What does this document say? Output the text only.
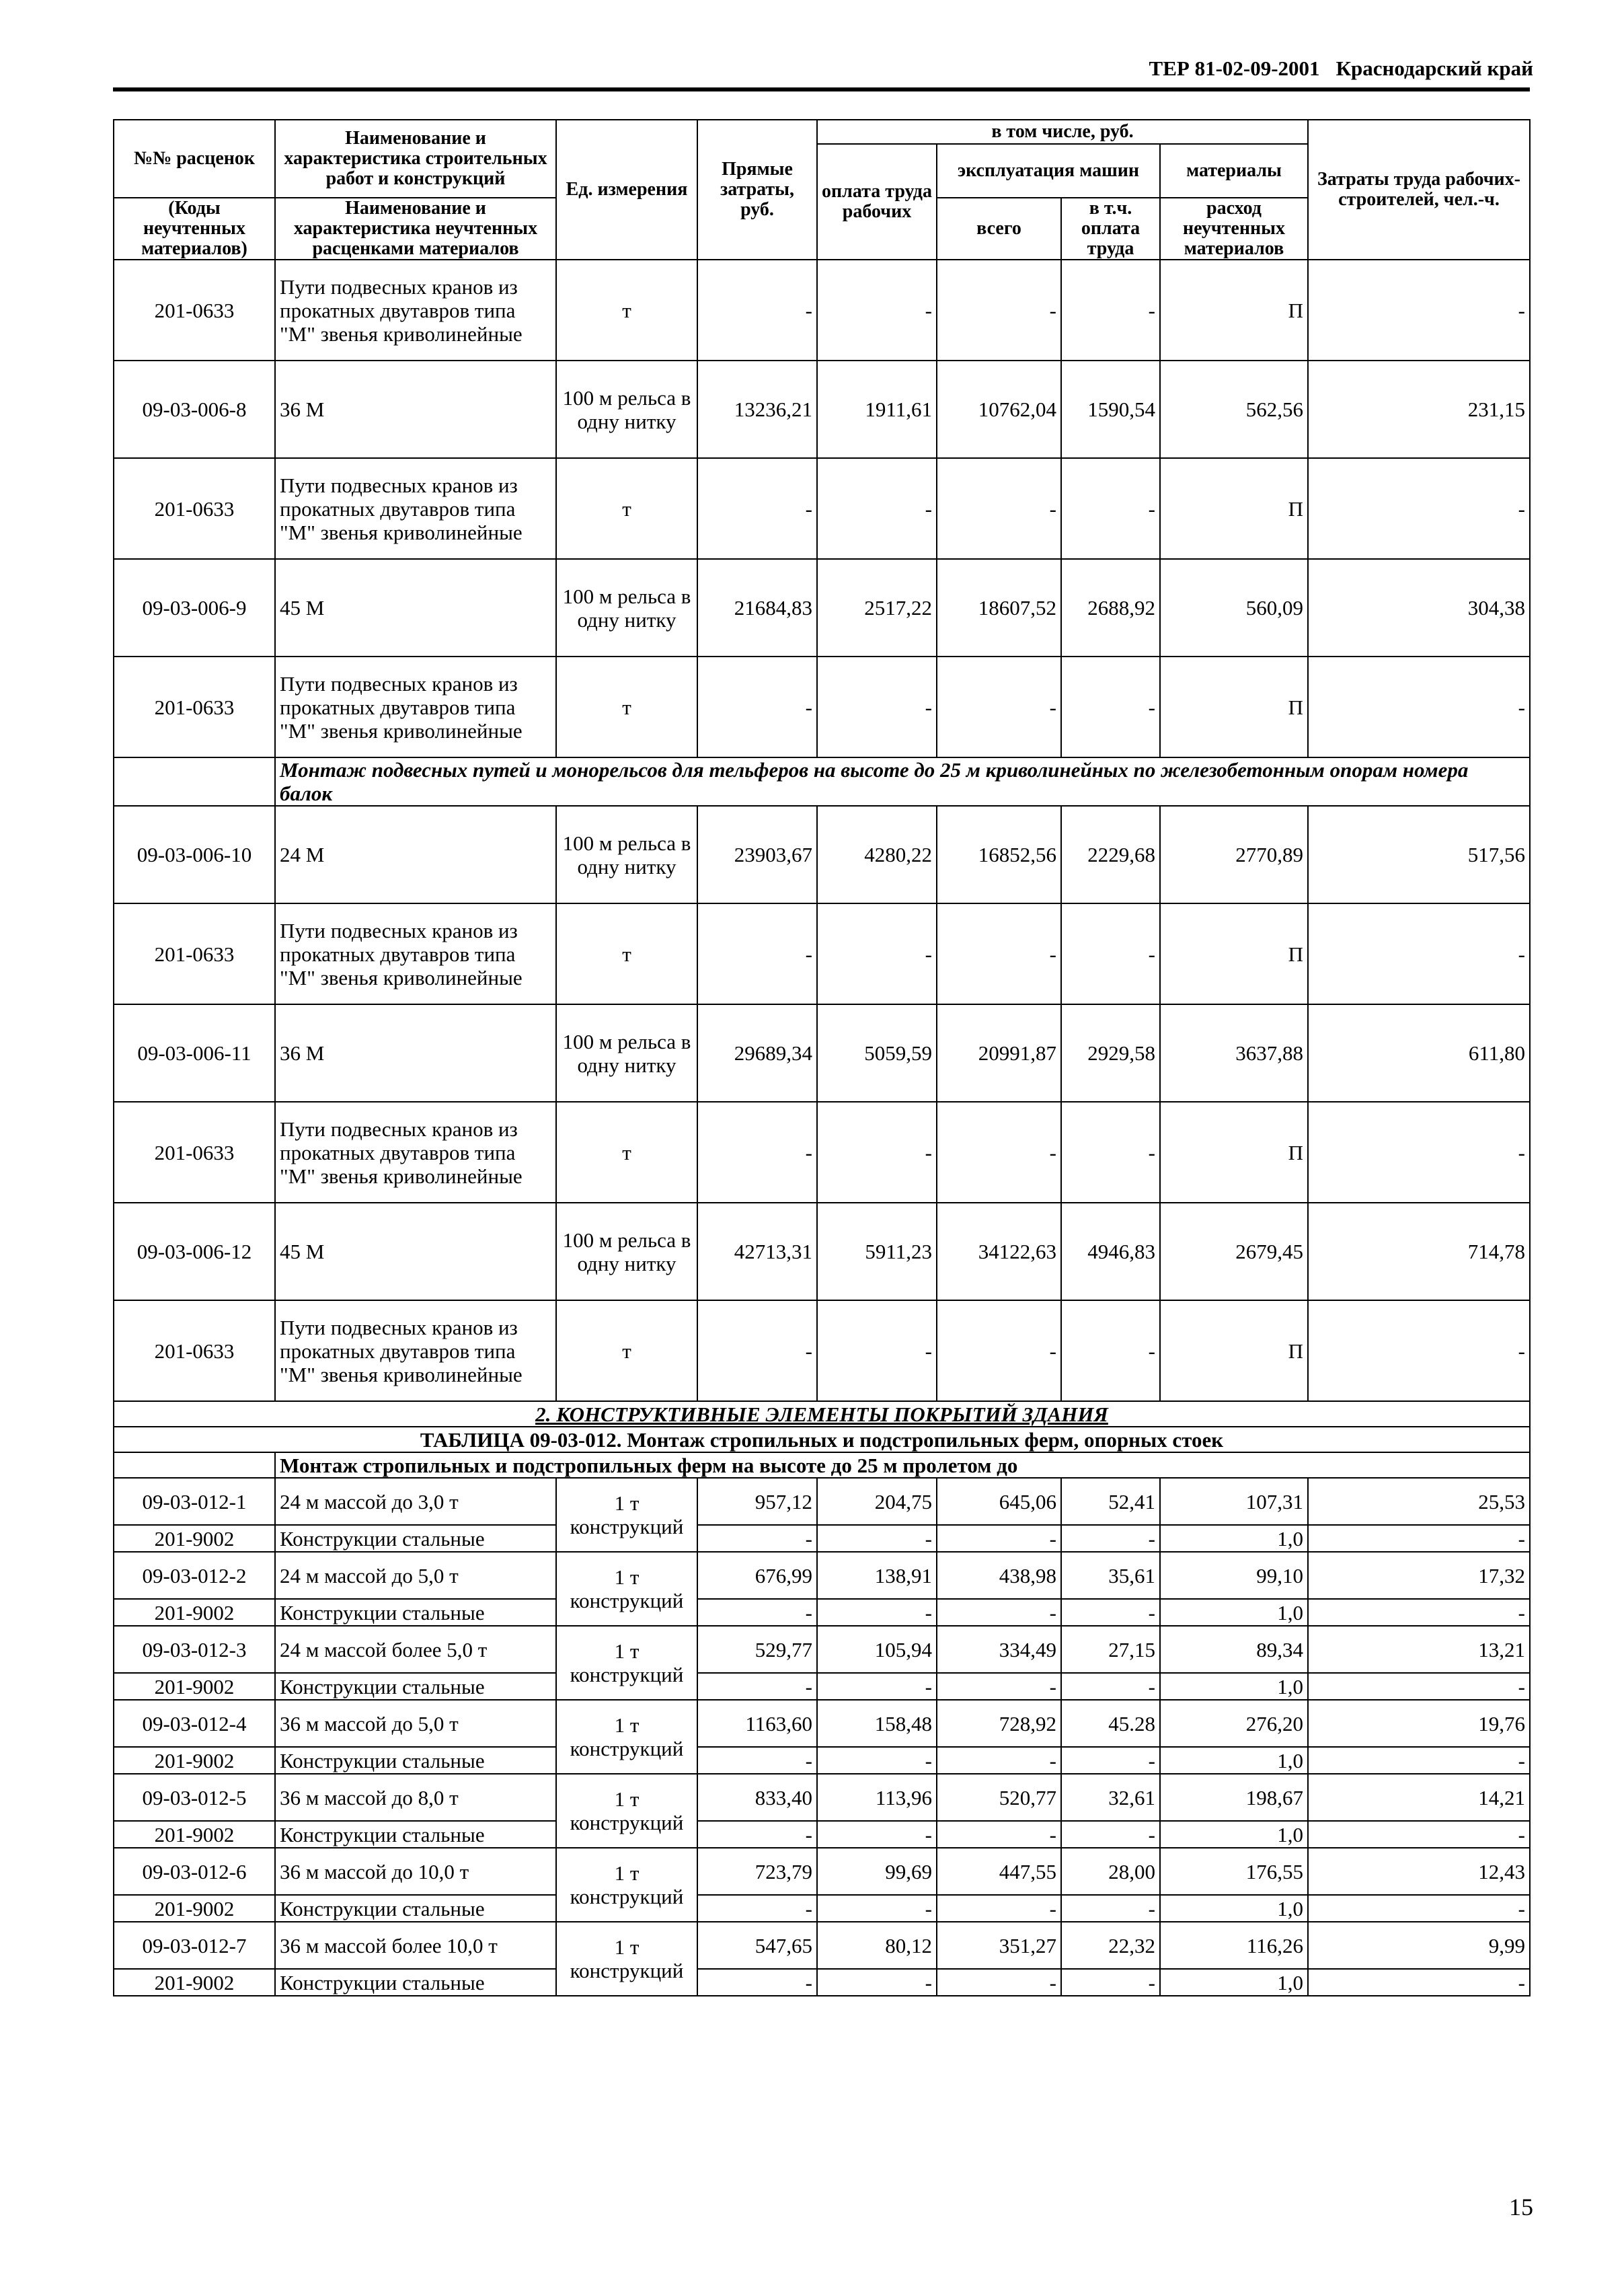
ТЕР 81-02-09-2001 Краснодарский край
№№ расценок	Наименование и характеристика строительных работ и конструкций	Ед. измерения	Прямые затраты, руб.	в том числе, руб.				Затраты труда рабочих-строителей, чел.-ч.
				оплата труда рабочих	эксплуатация машин		материалы	

(Коды неучтенных материалов)	Наименование и характеристика неучтенных расценками материалов				всего	в т.ч. оплата труда	расход неучтенных материалов	

201-0633	Пути подвесных кранов из прокатных двутавров типа "М" звенья криволинейные	т	-	-	-	-	П	-
09-03-006-8	36 М	100 м рельса в одну нитку	13236,21	1911,61	10762,04	1590,54	562,56	231,15
201-0633	Пути подвесных кранов из прокатных двутавров типа "М" звенья криволинейные	т	-	-	-	-	П	-
09-03-006-9	45 М	100 м рельса в одну нитку	21684,83	2517,22	18607,52	2688,92	560,09	304,38
201-0633	Пути подвесных кранов из прокатных двутавров типа "М" звенья криволинейные	т	-	-	-	-	П	-
	Монтаж подвесных путей и монорельсов для тельферов на высоте до 25 м криволинейных по железобетонным опорам номера балок							
09-03-006-10	24 М	100 м рельса в одну нитку	23903,67	4280,22	16852,56	2229,68	2770,89	517,56
201-0633	Пути подвесных кранов из прокатных двутавров типа "М" звенья криволинейные	т	-	-	-	-	П	-
09-03-006-11	36 М	100 м рельса в одну нитку	29689,34	5059,59	20991,87	2929,58	3637,88	611,80
201-0633	Пути подвесных кранов из прокатных двутавров типа "М" звенья криволинейные	т	-	-	-	-	П	-
09-03-006-12	45 М	100 м рельса в одну нитку	42713,31	5911,23	34122,63	4946,83	2679,45	714,78
201-0633	Пути подвесных кранов из прокатных двутавров типа "М" звенья криволинейные	т	-	-	-	-	П	-
2. КОНСТРУКТИВНЫЕ ЭЛЕМЕНТЫ ПОКРЫТИЙ ЗДАНИЯ								
ТАБЛИЦА 09-03-012. Монтаж стропильных и подстропильных ферм, опорных стоек								
	Монтаж стропильных и подстропильных ферм на высоте до 25 м пролетом до							
09-03-012-1	24 м массой до 3,0 т	1 т конструкций	957,12	204,75	645,06	52,41	107,31	25,53
201-9002	Конструкции стальные		-	-	-	-	1,0	-
09-03-012-2	24 м массой до 5,0 т	1 т конструкций	676,99	138,91	438,98	35,61	99,10	17,32
201-9002	Конструкции стальные		-	-	-	-	1,0	-
09-03-012-3	24 м массой более 5,0 т	1 т конструкций	529,77	105,94	334,49	27,15	89,34	13,21
201-9002	Конструкции стальные		-	-	-	-	1,0	-
09-03-012-4	36 м массой до 5,0 т	1 т конструкций	1163,60	158,48	728,92	45.28	276,20	19,76
201-9002	Конструкции стальные		-	-	-	-	1,0	-
09-03-012-5	36 м массой до 8,0 т	1 т конструкций	833,40	113,96	520,77	32,61	198,67	14,21
201-9002	Конструкции стальные		-	-	-	-	1,0	-
09-03-012-6	36 м массой до 10,0 т	1 т конструкций	723,79	99,69	447,55	28,00	176,55	12,43
201-9002	Конструкции стальные		-	-	-	-	1,0	-
09-03-012-7	36 м массой более 10,0 т	1 т конструкций	547,65	80,12	351,27	22,32	116,26	9,99
201-9002	Конструкции стальные		-	-	-	-	1,0	-
15
